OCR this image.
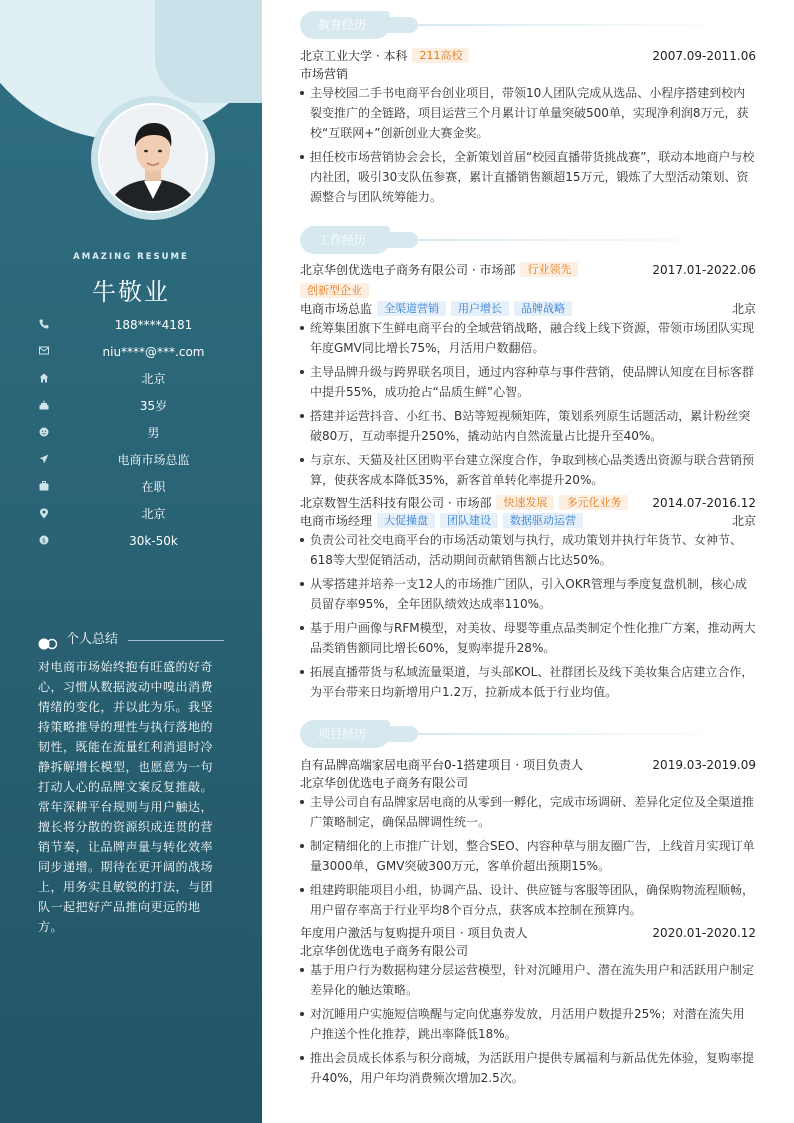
AMAZING RESUME
牛敬业
188****4181
niu****@***.com
北京
35岁
男
电商市场总监
在职
北京
$	30k-50k
个人总结
对电商市场始终抱有旺盛的好奇心，习惯从数据波动中嗅出消费情绪的变化，并以此为乐。我坚持策略推导的理性与执行落地的韧性，既能在流量红利消退时冷静拆解增长模型，也愿意为一句打动人心的品牌文案反复推敲。常年深耕平台规则与用户触达，擅长将分散的资源织成连贯的营销节奏，让品牌声量与转化效率同步递增。期待在更开阔的战场上，用务实且敏锐的打法，与团队一起把好产品推向更远的地方。
教育经历
北京工业大学 · 本科 211高校	2007.09-2011.06
市场营销
主导校园二手书电商平台创业项目，带领10人团队完成从选品、小程序搭建到校内裂变推广的全链路，项目运营三个月累计订单量突破500单，实现净利润8万元，获校“互联网+”创新创业大赛金奖。
担任校市场营销协会会长，全新策划首届“校园直播带货挑战赛”，联动本地商户与校内社团，吸引30支队伍参赛，累计直播销售额超15万元，锻炼了大型活动策划、资源整合与团队统筹能力。
工作经历
北京华创优选电子商务有限公司 · 市场部 行业领先	2017.01-2022.06
创新型企业
电商市场总监 全渠道营销 用户增长 品牌战略	北京
统筹集团旗下生鲜电商平台的全域营销战略，融合线上线下资源，带领市场团队实现年度GMV同比增长75%，月活用户数翻倍。
主导品牌升级与跨界联名项目，通过内容种草与事件营销，使品牌认知度在目标客群中提升55%，成功抢占“品质生鲜”心智。
搭建并运营抖音、小红书、B站等短视频矩阵，策划系列原生话题活动，累计粉丝突破80万，互动率提升250%，撬动站内自然流量占比提升至40%。
与京东、天猫及社区团购平台建立深度合作，争取到核心品类透出资源与联合营销预算，使获客成本降低35%，新客首单转化率提升20%。
北京数智生活科技有限公司 · 市场部 快速发展 多元化业务	2014.07-2016.12
电商市场经理 大促操盘 团队建设 数据驱动运营	北京
负责公司社交电商平台的市场活动策划与执行，成功策划并执行年货节、女神节、618等大型促销活动，活动期间贡献销售额占比达50%。
从零搭建并培养一支12人的市场推广团队，引入OKR管理与季度复盘机制，核心成员留存率95%，全年团队绩效达成率110%。
基于用户画像与RFM模型，对美妆、母婴等重点品类制定个性化推广方案，推动两大品类销售额同比增长60%，复购率提升28%。
拓展直播带货与私域流量渠道，与头部KOL、社群团长及线下美妆集合店建立合作，为平台带来日均新增用户1.2万，拉新成本低于行业均值。
项目经历
自有品牌高端家居电商平台0-1搭建项目 · 项目负责人	2019.03-2019.09
北京华创优选电子商务有限公司
主导公司自有品牌家居电商的从零到一孵化，完成市场调研、差异化定位及全渠道推广策略制定，确保品牌调性统一。
制定精细化的上市推广计划，整合SEO、内容种草与朋友圈广告，上线首月实现订单量3000单，GMV突破300万元，客单价超出预期15%。
组建跨职能项目小组，协调产品、设计、供应链与客服等团队，确保购物流程顺畅，用户留存率高于行业平均8个百分点，获客成本控制在预算内。
年度用户激活与复购提升项目 · 项目负责人	2020.01-2020.12
北京华创优选电子商务有限公司
基于用户行为数据构建分层运营模型，针对沉睡用户、潜在流失用户和活跃用户制定差异化的触达策略。
对沉睡用户实施短信唤醒与定向优惠券发放，月活用户数提升25%；对潜在流失用户推送个性化推荐，跳出率降低18%。
推出会员成长体系与积分商城，为活跃用户提供专属福利与新品优先体验，复购率提升40%，用户年均消费频次增加2.5次。
